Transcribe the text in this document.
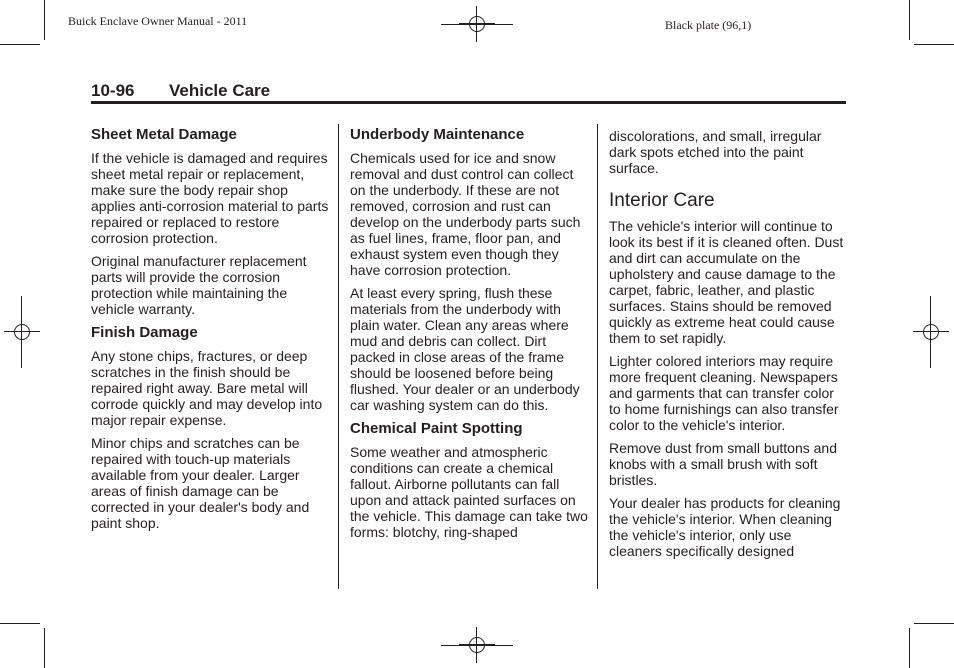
Buick Enclave Owner Manual - 2011	Black plate (96,1)
10-96 Vehicle Care
Sheet Metal Damage

If the vehicle is damaged and requires sheet metal repair or replacement, make sure the body repair shop applies anti-corrosion material to parts repaired or replaced to restore corrosion protection.

Original manufacturer replacement parts will provide the corrosion protection while maintaining the vehicle warranty.

Finish Damage

Any stone chips, fractures, or deep scratches in the finish should be repaired right away. Bare metal will corrode quickly and may develop into major repair expense.

Minor chips and scratches can be repaired with touch-up materials available from your dealer. Larger areas of finish damage can be corrected in your dealer's body and paint shop.

Underbody Maintenance

Chemicals used for ice and snow removal and dust control can collect on the underbody. If these are not removed, corrosion and rust can develop on the underbody parts such as fuel lines, frame, floor pan, and exhaust system even though they have corrosion protection.

At least every spring, flush these materials from the underbody with plain water. Clean any areas where mud and debris can collect. Dirt packed in close areas of the frame should be loosened before being flushed. Your dealer or an underbody car washing system can do this.

Chemical Paint Spotting

Some weather and atmospheric conditions can create a chemical fallout. Airborne pollutants can fall upon and attack painted surfaces on the vehicle. This damage can take two forms: blotchy, ring-shaped

discolorations, and small, irregular dark spots etched into the paint surface.

Interior Care

The vehicle's interior will continue to look its best if it is cleaned often. Dust and dirt can accumulate on the upholstery and cause damage to the carpet, fabric, leather, and plastic surfaces. Stains should be removed quickly as extreme heat could cause them to set rapidly.

Lighter colored interiors may require more frequent cleaning. Newspapers and garments that can transfer color to home furnishings can also transfer color to the vehicle's interior.

Remove dust from small buttons and knobs with a small brush with soft bristles.

Your dealer has products for cleaning the vehicle's interior. When cleaning the vehicle's interior, only use cleaners specifically designed
